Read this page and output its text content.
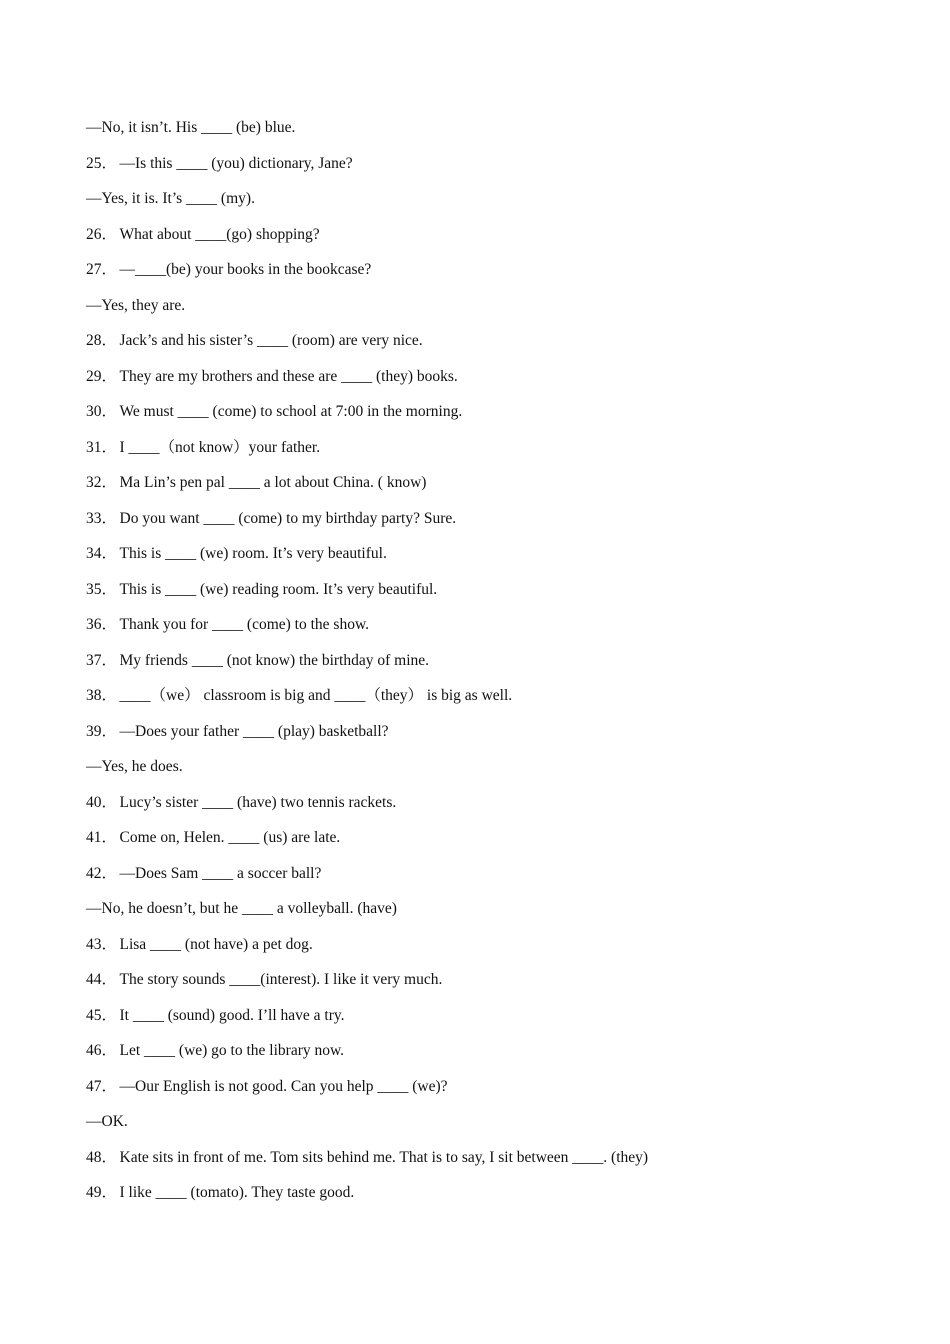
—No, it isn’t. His ____ (be) blue.
25． —Is this ____ (you) dictionary, Jane?
—Yes, it is. It’s ____ (my).
26． What about ____(go) shopping?
27． —____(be) your books in the bookcase?
—Yes, they are.
28． Jack’s and his sister’s ____ (room) are very nice.
29． They are my brothers and these are ____ (they) books.
30． We must ____ (come) to school at 7:00 in the morning.
31． I ____（not know）your father.
32． Ma Lin’s pen pal ____ a lot about China. ( know)
33． Do you want ____ (come) to my birthday party? Sure.
34． This is ____ (we) room. It’s very beautiful.
35． This is ____ (we) reading room. It’s very beautiful.
36． Thank you for ____ (come) to the show.
37． My friends ____ (not know) the birthday of mine.
38． ____（we） classroom is big and ____（they） is big as well.
39． —Does your father ____ (play) basketball?
—Yes, he does.
40． Lucy’s sister ____ (have) two tennis rackets.
41． Come on, Helen. ____ (us) are late.
42． —Does Sam ____ a soccer ball?
—No, he doesn’t, but he ____ a volleyball. (have)
43． Lisa ____ (not have) a pet dog.
44． The story sounds ____(interest). I like it very much.
45． It ____ (sound) good. I’ll have a try.
46． Let ____ (we) go to the library now.
47． —Our English is not good. Can you help ____ (we)?
—OK.
48． Kate sits in front of me. Tom sits behind me. That is to say, I sit between ____. (they)
49． I like ____ (tomato). They taste good.
